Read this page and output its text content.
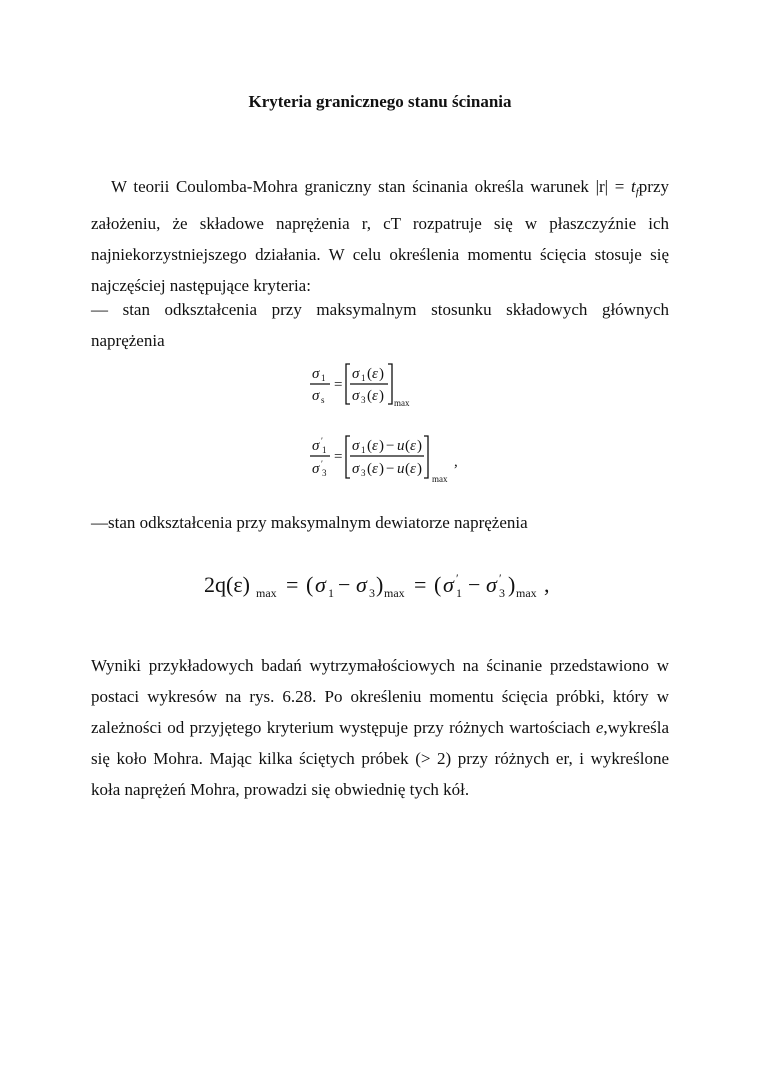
Kryteria granicznego stanu ścinania
W teorii Coulomba-Mohra graniczny stan ścinania określa warunek $|r| = t_fprzy$ założeniu, że składowe naprężenia r, cT rozpatruje się w płaszczyźnie ich najniekorzystniejszego działania. W celu określenia momentu ścięcia stosuje się najczęściej następujące kryteria:
— stan odkształcenia przy maksymalnym stosunku składowych głównych naprężenia
σ 1
σ s
=
σ 1 ( ε )
σ 3 ( ε ) max
σ ′
1
σ ′
3
=
σ 1 ( ε ) − u ( ε )
σ 3 ( ε ) − u ( ε )
max
,
—stan odkształcenia przy maksymalnym dewiatorze naprężenia
2q(ε) max = ( σ 1 − σ 3 ) max = ( σ ′
1 − σ ′
3 ) max ,
Wyniki przykładowych badań wytrzymałościowych na ścinanie przedstawiono w postaci wykresów na rys. 6.28. Po określeniu momentu ścięcia próbki, który w zależności od przyjętego kryterium występuje przy różnych wartościach e,wykreśla się koło Mohra. Mając kilka ściętych próbek (> 2) przy różnych er, i wykreślone koła naprężeń Mohra, prowadzi się obwiednię tych kół.
